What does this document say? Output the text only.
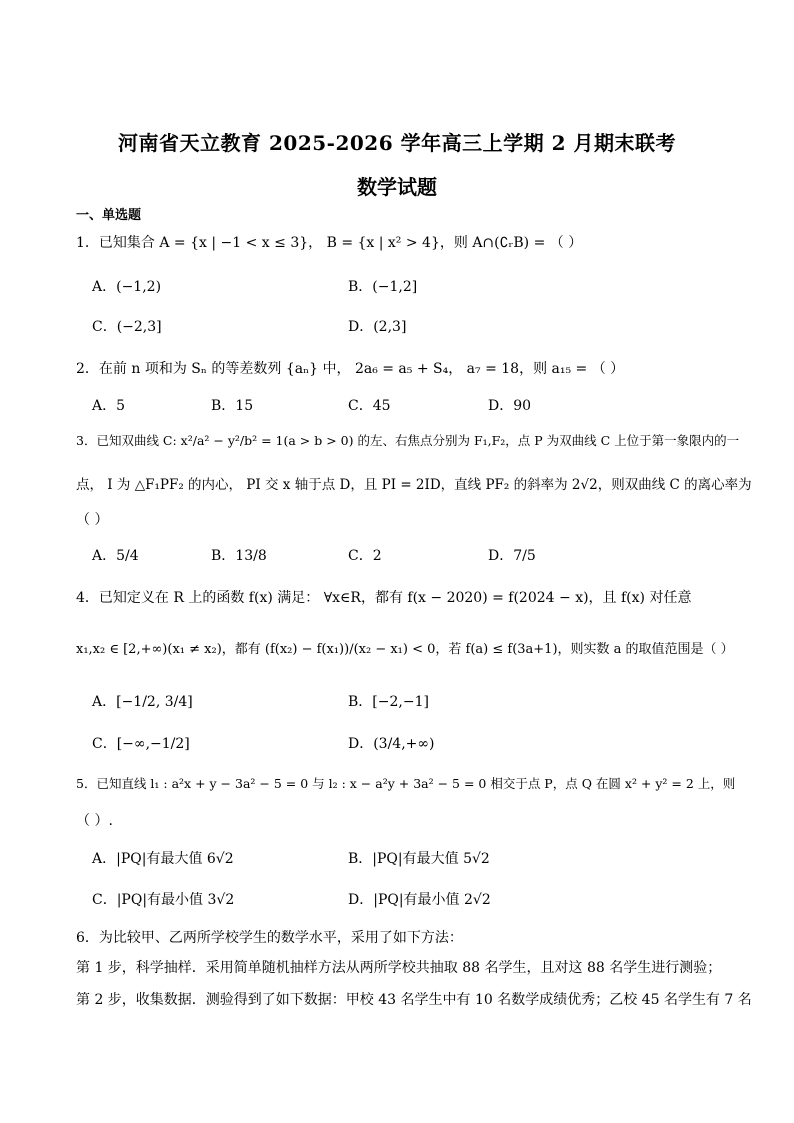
河南省天立教育 2025-2026 学年高三上学期 2 月期末联考
数学试题
一、单选题
1．已知集合 A = {x | −1 < x ≤ 3}， B = {x | x² > 4}，则 A∩(∁ᵣB) = （ ）
A．(−1,2)	B．(−1,2]
C．(−2,3]	D．(2,3]
2．在前 n 项和为 Sₙ 的等差数列 {aₙ} 中， 2a₆ = a₅ + S₄， a₇ = 18，则 a₁₅ = （ ）
A．5	B．15	C．45	D．90
3．已知双曲线 C: x²/a² − y²/b² = 1(a > b > 0) 的左、右焦点分别为 F₁,F₂，点 P 为双曲线 C 上位于第一象限内的一
点， I 为 △F₁PF₂ 的内心， PI 交 x 轴于点 D，且 PI = 2ID，直线 PF₂ 的斜率为 2√2，则双曲线 C 的离心率为
（ ）
A．5/4	B．13/8	C．2	D．7/5
4．已知定义在 R 上的函数 f(x) 满足： ∀x∈R，都有 f(x − 2020) = f(2024 − x)，且 f(x) 对任意
x₁,x₂ ∈ [2,+∞)(x₁ ≠ x₂)，都有 (f(x₂) − f(x₁))/(x₂ − x₁) < 0，若 f(a) ≤ f(3a+1)，则实数 a 的取值范围是（ ）
A．[−1/2, 3/4]	B．[−2,−1]
C．[−∞,−1/2]	D．(3/4,+∞)
5．已知直线 l₁ : a²x + y − 3a² − 5 = 0 与 l₂ : x − a²y + 3a² − 5 = 0 相交于点 P，点 Q 在圆 x² + y² = 2 上，则
（ ）.
A．|PQ|有最大值 6√2	B．|PQ|有最大值 5√2
C．|PQ|有最小值 3√2	D．|PQ|有最小值 2√2
6．为比较甲、乙两所学校学生的数学水平，采用了如下方法：
第 1 步，科学抽样．采用简单随机抽样方法从两所学校共抽取 88 名学生，且对这 88 名学生进行测验；
第 2 步，收集数据．测验得到了如下数据：甲校 43 名学生中有 10 名数学成绩优秀；乙校 45 名学生有 7 名
